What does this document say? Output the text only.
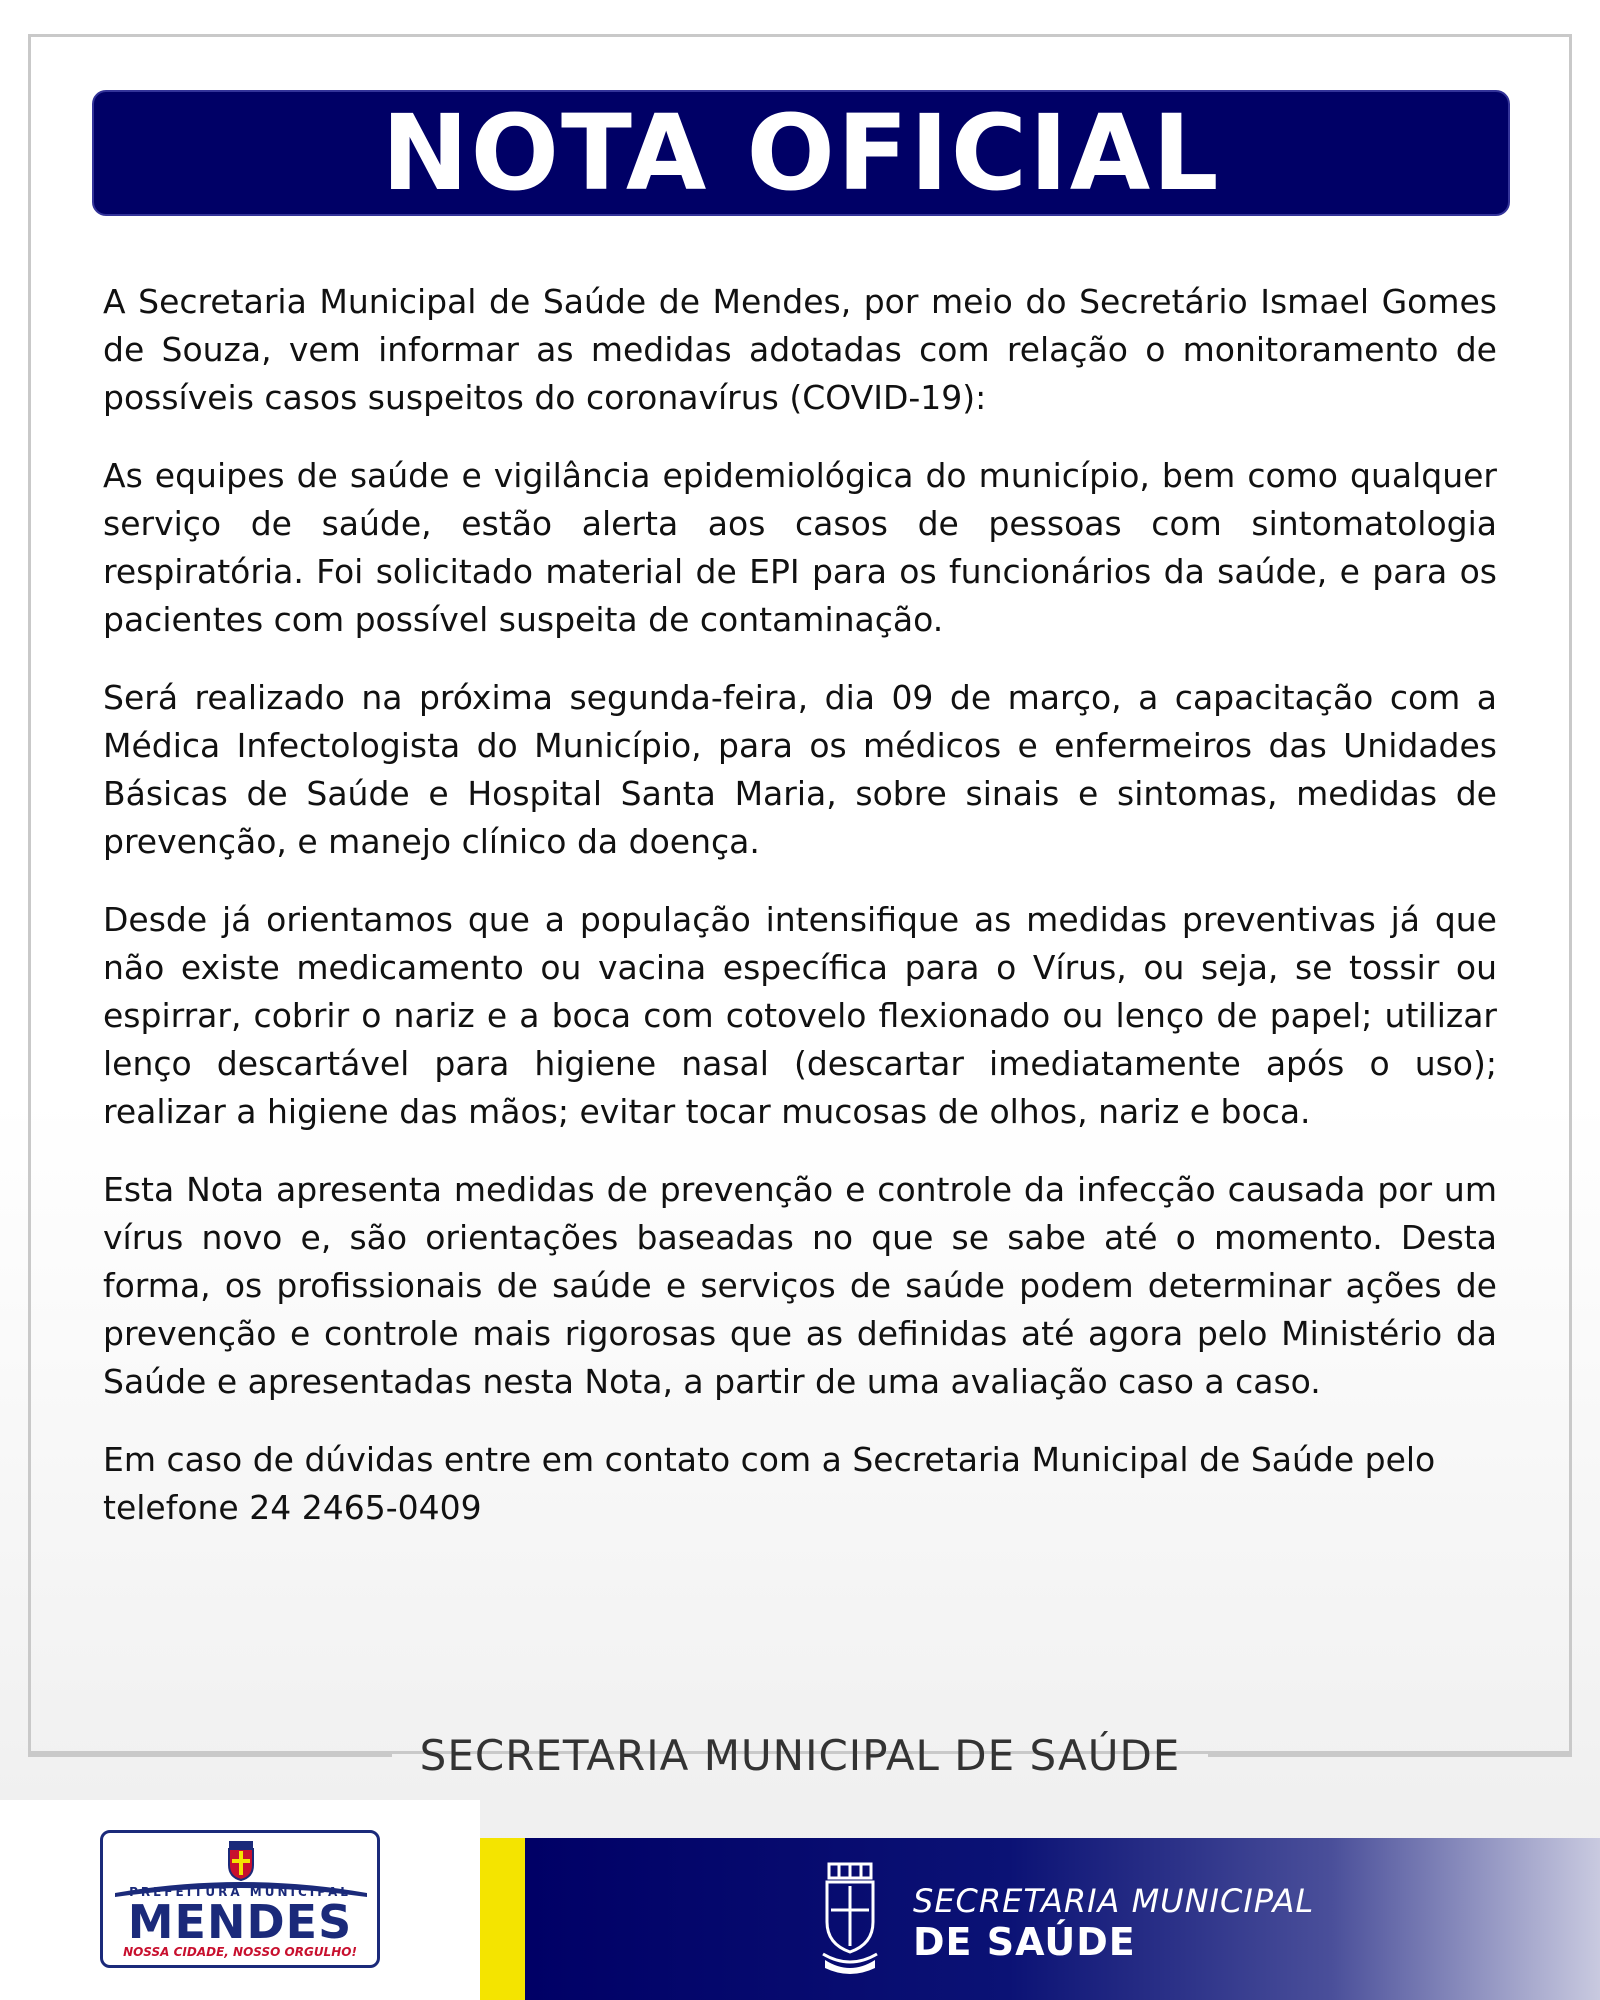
NOTA OFICIAL

A Secretaria Municipal de Saúde de Mendes, por meio do Secretário Ismael Gomes de Souza, vem informar as medidas adotadas com relação o monitoramento de possíveis casos suspeitos do coronavírus (COVID-19):

As equipes de saúde e vigilância epidemiológica do município, bem como qualquer serviço de saúde, estão alerta aos casos de pessoas com sintomatologia respiratória. Foi solicitado material de EPI para os funcionários da saúde, e para os pacientes com possível suspeita de contaminação.

Será realizado na próxima segunda-feira, dia 09 de março, a capacitação com a Médica Infectologista do Município, para os médicos e enfermeiros das Unidades Básicas de Saúde e Hospital Santa Maria, sobre sinais e sintomas, medidas de prevenção, e manejo clínico da doença.

Desde já orientamos que a população intensifique as medidas preventivas já que não existe medicamento ou vacina específica para o Vírus, ou seja, se tossir ou espirrar, cobrir o nariz e a boca com cotovelo flexionado ou lenço de papel; utilizar lenço descartável para higiene nasal (descartar imediatamente após o uso); realizar a higiene das mãos; evitar tocar mucosas de olhos, nariz e boca.

Esta Nota apresenta medidas de prevenção e controle da infecção causada por um vírus novo e, são orientações baseadas no que se sabe até o momento. Desta forma, os profissionais de saúde e serviços de saúde podem determinar ações de prevenção e controle mais rigorosas que as definidas até agora pelo Ministério da Saúde e apresentadas nesta Nota, a partir de uma avaliação caso a caso.

Em caso de dúvidas entre em contato com a Secretaria Municipal de Saúde pelo telefone 24 2465-0409

SECRETARIA MUNICIPAL DE SAÚDE
PREFEITURA MUNICIPAL
MENDES
NOSSA CIDADE, NOSSO ORGULHO!
SECRETARIA MUNICIPAL
DE SAÚDE
